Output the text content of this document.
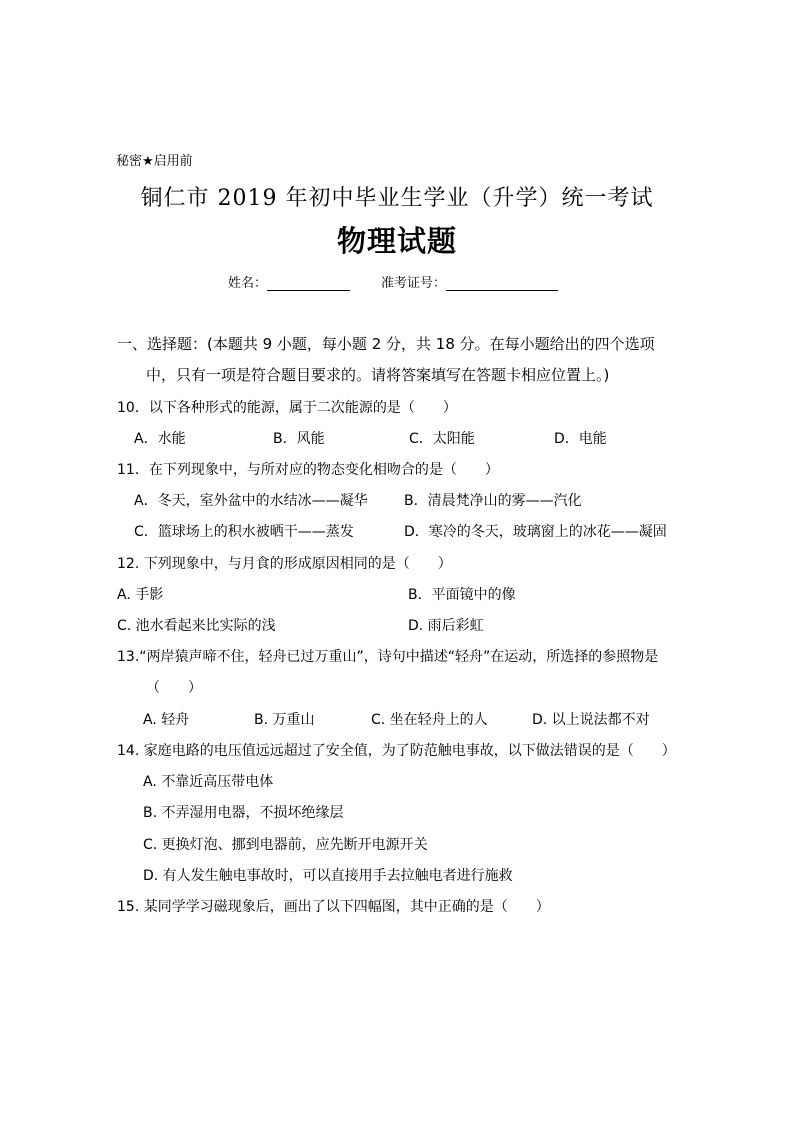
秘密★启用前
铜仁市 2019 年初中毕业生学业（升学）统一考试
物理试题
姓名：	准考证号：
一、选择题：(本题共 9 小题，每小题 2 分，共 18 分。在每小题给出的四个选项
中，只有一项是符合题目要求的。请将答案填写在答题卡相应位置上。)
10．以下各种形式的能源，属于二次能源的是（　　）
A．水能	B．风能	C．太阳能	D．电能
11．在下列现象中，与所对应的物态变化相吻合的是（　　）
A．冬天，室外盆中的水结冰——凝华	B．清晨梵净山的雾——汽化
C．篮球场上的积水被晒干——蒸发	D．寒冷的冬天，玻璃窗上的冰花——凝固
12. 下列现象中，与月食的形成原因相同的是（　　）
A. 手影	B．平面镜中的像
C. 池水看起来比实际的浅	D. 雨后彩虹
13.“两岸猿声啼不住，轻舟已过万重山”，诗句中描述“轻舟”在运动，所选择的参照物是
（　　）
A. 轻舟	B. 万重山	C. 坐在轻舟上的人	D. 以上说法都不对
14. 家庭电路的电压值远远超过了安全值，为了防范触电事故，以下做法错误的是（　　）
A. 不靠近高压带电体
B. 不弄湿用电器，不损坏绝缘层
C. 更换灯泡、挪到电器前，应先断开电源开关
D. 有人发生触电事故时，可以直接用手去拉触电者进行施救
15. 某同学学习磁现象后，画出了以下四幅图，其中正确的是（　　）
